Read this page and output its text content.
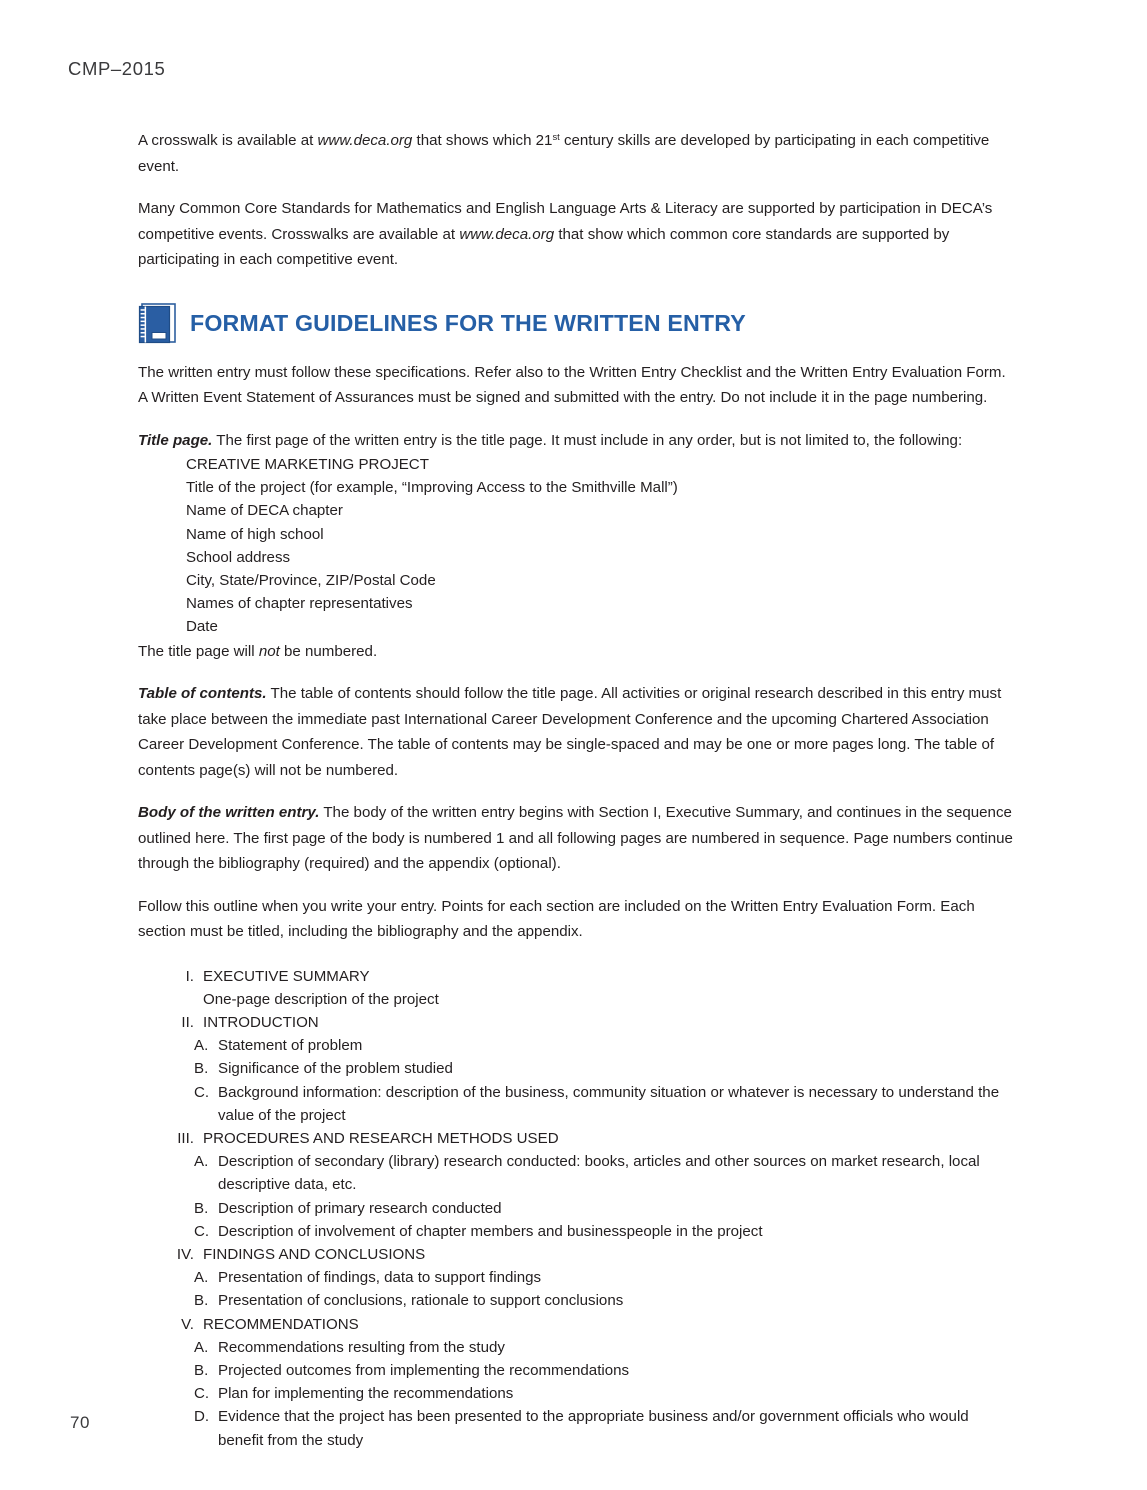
CMP–2015

A crosswalk is available at www.deca.org that shows which 21st century skills are developed by participating in each competitive event.

Many Common Core Standards for Mathematics and English Language Arts & Literacy are supported by participation in DECA’s competitive events. Crosswalks are available at www.deca.org that show which common core standards are supported by participating in each competitive event.

FORMAT GUIDELINES FOR THE WRITTEN ENTRY

The written entry must follow these specifications. Refer also to the Written Entry Checklist and the Written Entry Evaluation Form. A Written Event Statement of Assurances must be signed and submitted with the entry. Do not include it in the page numbering.

Title page. The first page of the written entry is the title page. It must include in any order, but is not limited to, the following:

CREATIVE MARKETING PROJECT
Title of the project (for example, “Improving Access to the Smithville Mall”)
Name of DECA chapter
Name of high school
School address
City, State/Province, ZIP/Postal Code
Names of chapter representatives
Date

The title page will not be numbered.

Table of contents. The table of contents should follow the title page. All activities or original research described in this entry must take place between the immediate past International Career Development Conference and the upcoming Chartered Association Career Development Conference. The table of contents may be single-spaced and may be one or more pages long. The table of contents page(s) will not be numbered.

Body of the written entry. The body of the written entry begins with Section I, Executive Summary, and continues in the sequence outlined here. The first page of the body is numbered 1 and all following pages are numbered in sequence. Page numbers continue through the bibliography (required) and the appendix (optional).

Follow this outline when you write your entry. Points for each section are included on the Written Entry Evaluation Form. Each section must be titled, including the bibliography and the appendix.

I. EXECUTIVE SUMMARY
One-page description of the project
II. INTRODUCTION
A. Statement of problem
B. Significance of the problem studied
C. Background information: description of the business, community situation or whatever is necessary to understand the value of the project
III. PROCEDURES AND RESEARCH METHODS USED
A. Description of secondary (library) research conducted: books, articles and other sources on market research, local descriptive data, etc.
B. Description of primary research conducted
C. Description of involvement of chapter members and businesspeople in the project
IV. FINDINGS AND CONCLUSIONS
A. Presentation of findings, data to support findings
B. Presentation of conclusions, rationale to support conclusions
V. RECOMMENDATIONS
A. Recommendations resulting from the study
B. Projected outcomes from implementing the recommendations
C. Plan for implementing the recommendations
D. Evidence that the project has been presented to the appropriate business and/or government officials who would benefit from the study
70
